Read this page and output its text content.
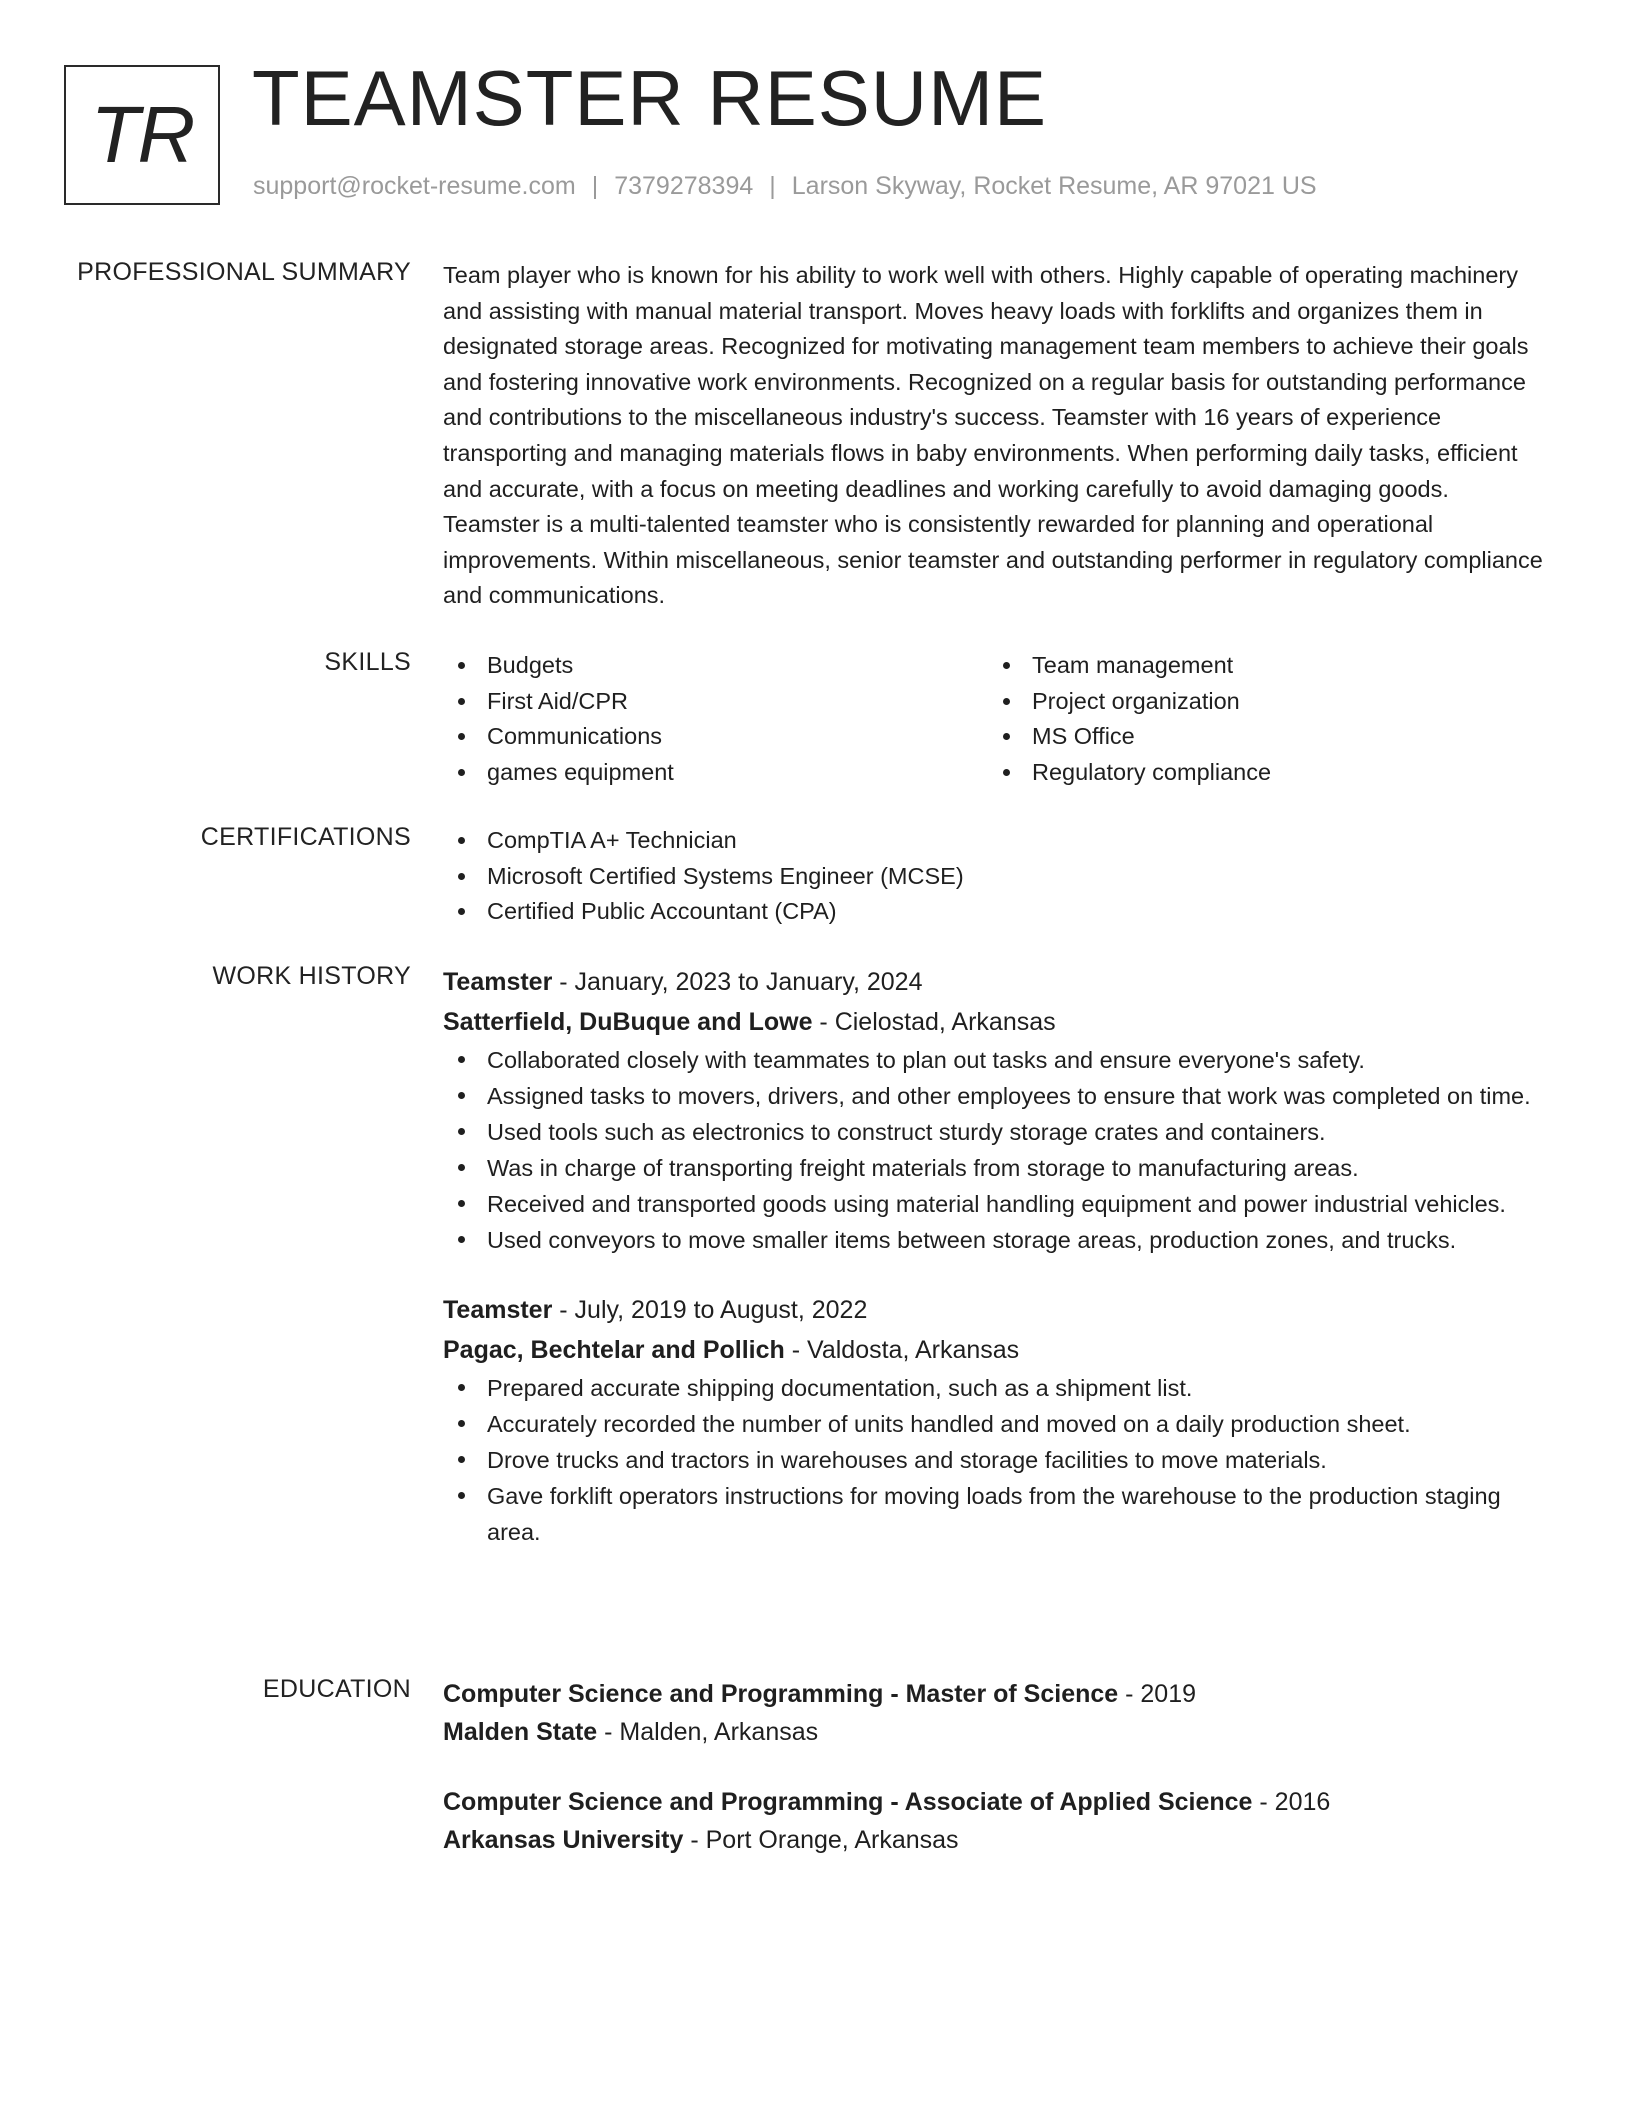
TR TEAMSTER RESUME
support@rocket-resume.com | 7379278394 | Larson Skyway, Rocket Resume, AR 97021 US
PROFESSIONAL SUMMARY Team player who is known for his ability to work well with others. Highly capable of operating machinery and assisting with manual material transport. Moves heavy loads with forklifts and organizes them in designated storage areas. Recognized for motivating management team members to achieve their goals and fostering innovative work environments. Recognized on a regular basis for outstanding performance and contributions to the miscellaneous industry's success. Teamster with 16 years of experience transporting and managing materials flows in baby environments. When performing daily tasks, efficient and accurate, with a focus on meeting deadlines and working carefully to avoid damaging goods. Teamster is a multi-talented teamster who is consistently rewarded for planning and operational improvements. Within miscellaneous, senior teamster and outstanding performer in regulatory compliance and communications.

SKILLS	Budgets
First Aid/CPR
Communications
games equipment
Team management
Project organization
MS Office
Regulatory compliance
CERTIFICATIONS	CompTIA A+ Technician
Microsoft Certified Systems Engineer (MCSE)
Certified Public Accountant (CPA)
WORK HISTORY Teamster - January, 2023 to January, 2024
Satterfield, DuBuque and Lowe - Cielostad, Arkansas
Collaborated closely with teammates to plan out tasks and ensure everyone's safety.
Assigned tasks to movers, drivers, and other employees to ensure that work was completed on time.
Used tools such as electronics to construct sturdy storage crates and containers.
Was in charge of transporting freight materials from storage to manufacturing areas.
Received and transported goods using material handling equipment and power industrial vehicles.
Used conveyors to move smaller items between storage areas, production zones, and trucks.
Teamster - July, 2019 to August, 2022
Pagac, Bechtelar and Pollich - Valdosta, Arkansas
Prepared accurate shipping documentation, such as a shipment list.
Accurately recorded the number of units handled and moved on a daily production sheet.
Drove trucks and tractors in warehouses and storage facilities to move materials.
Gave forklift operators instructions for moving loads from the warehouse to the production staging area.
EDUCATION Computer Science and Programming - Master of Science - 2019
Malden State - Malden, Arkansas
Computer Science and Programming - Associate of Applied Science - 2016
Arkansas University - Port Orange, Arkansas
